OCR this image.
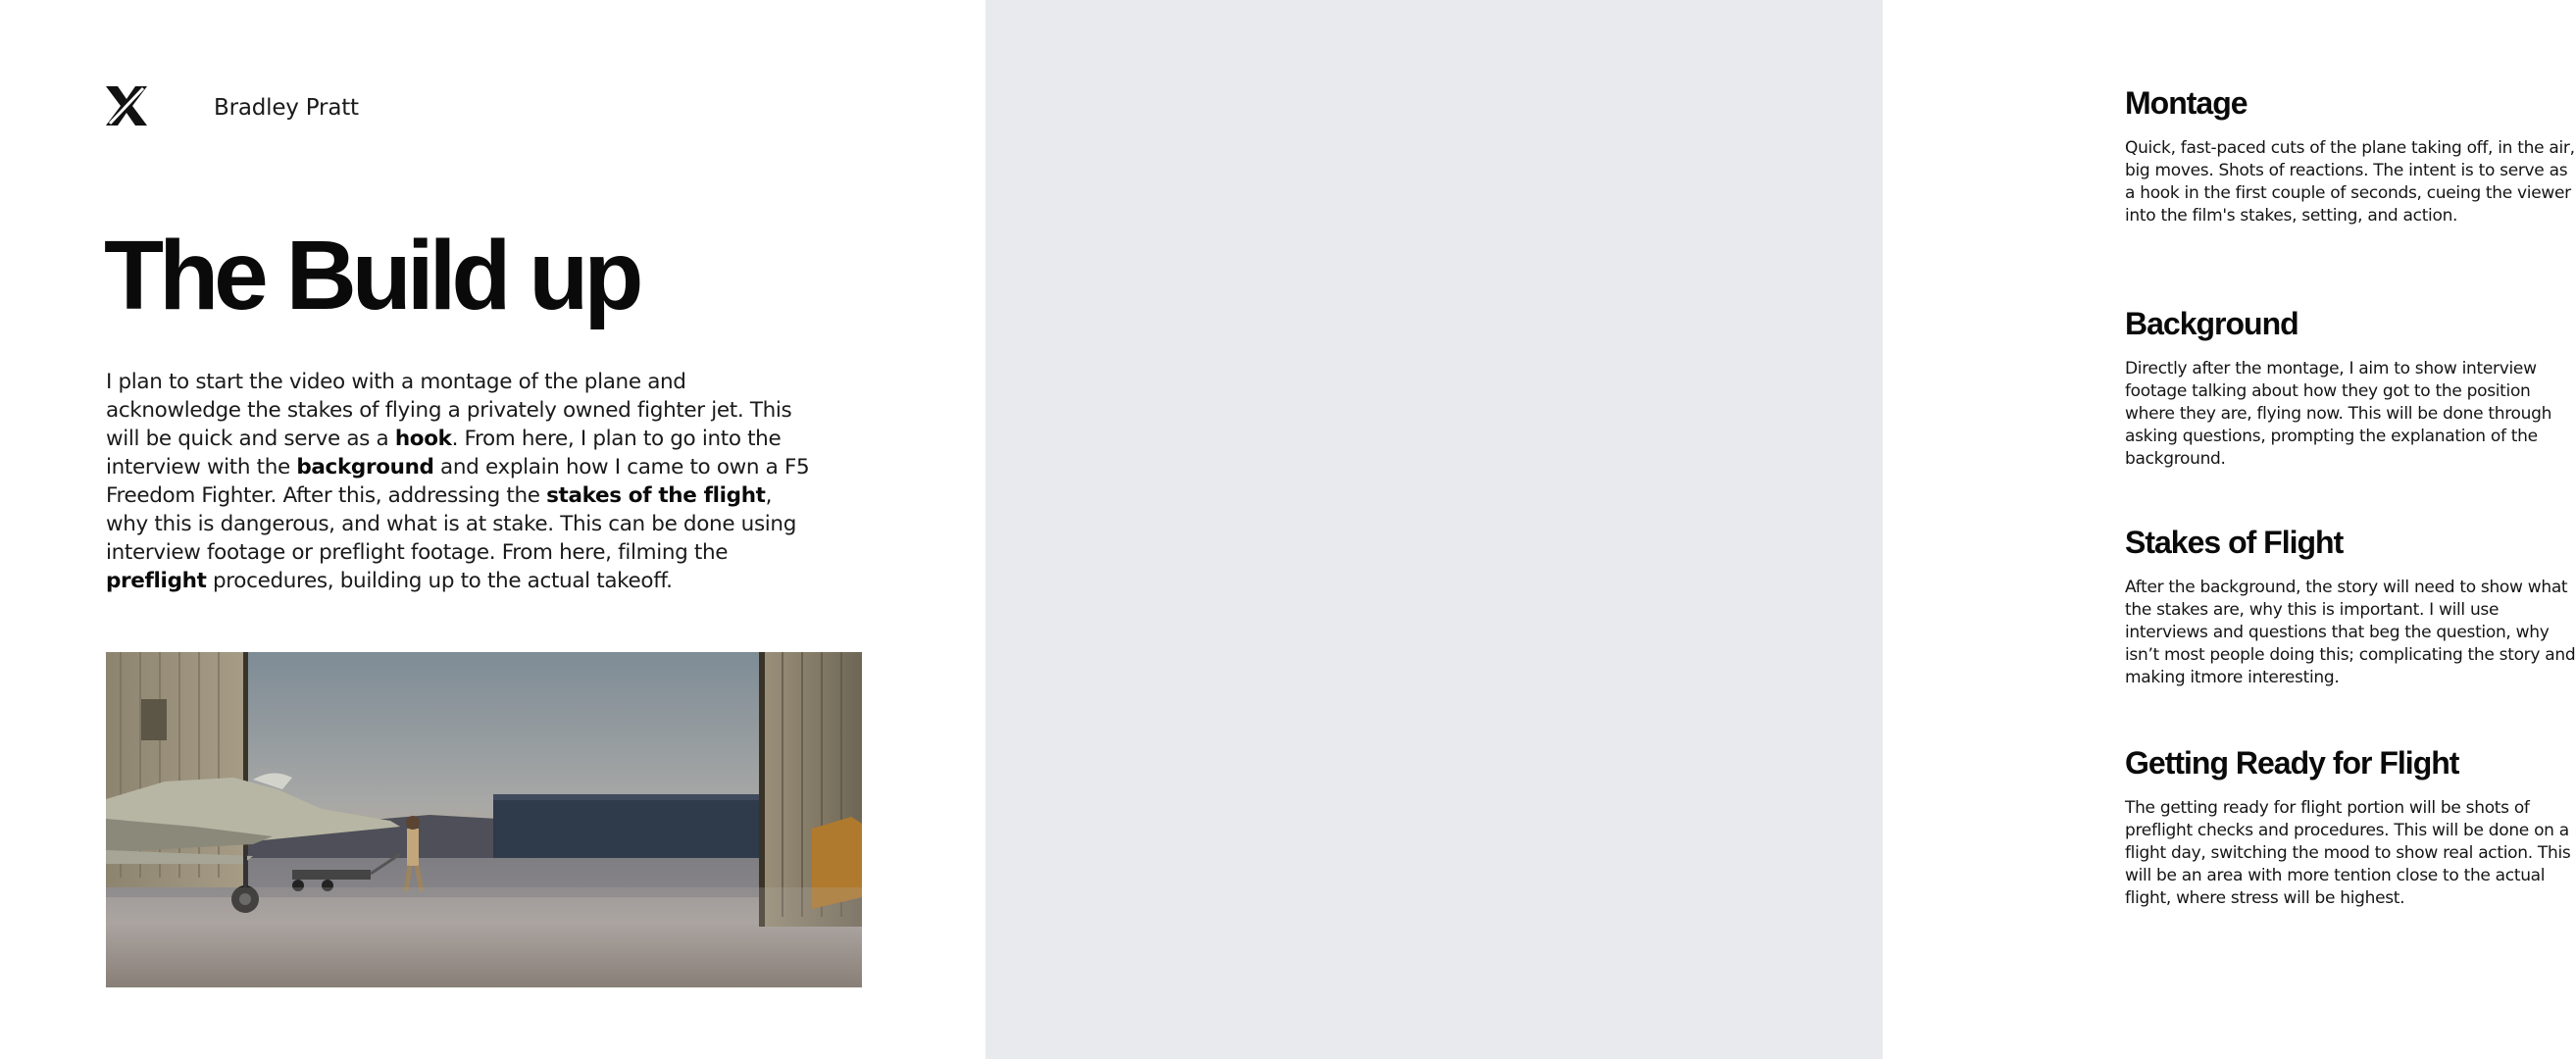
Bradley Pratt
The Build up

I plan to start the video with a montage of the plane and acknowledge the stakes of flying a privately owned fighter jet. This will be quick and serve as a hook. From here, I plan to go into the interview with the background and explain how I came to own a F5 Freedom Fighter. After this, addressing the stakes of the flight, why this is dangerous, and what is at stake. This can be done using interview footage or preflight footage. From here, filming the preflight procedures, building up to the actual takeoff.

Montage

Quick, fast-paced cuts of the plane taking off, in the air, big moves. Shots of reactions. The intent is to serve as a hook in the first couple of seconds, cueing the viewer into the film's stakes, setting, and action.

Background

Directly after the montage, I aim to show interview footage talking about how they got to the position where they are, flying now. This will be done through asking questions, prompting the explanation of the background.

Stakes of Flight

After the background, the story will need to show what the stakes are, why this is important. I will use interviews and questions that beg the question, why isn’t most people doing this; complicating the story and making itmore interesting.

Getting Ready for Flight

The getting ready for flight portion will be shots of preflight checks and procedures. This will be done on a flight day, switching the mood to show real action. This will be an area with more tention close to the actual flight, where stress will be highest.
